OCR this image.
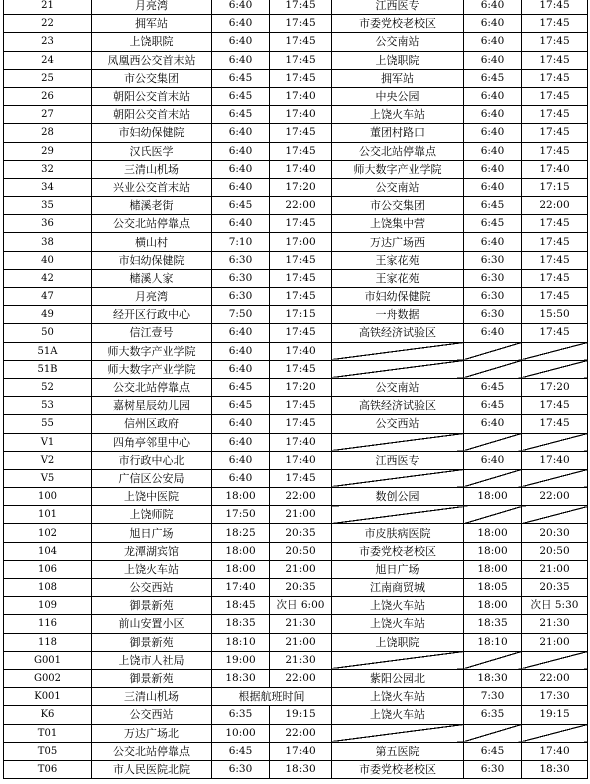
21	月亮湾	6:40	17:45	江西医专	6:40	17:45
22	拥军站	6:40	17:45	市委党校老校区	6:40	17:45
23	上饶职院	6:40	17:45	公交南站	6:40	17:45
24	凤凰西公交首末站	6:40	17:45	上饶职院	6:40	17:45
25	市公交集团	6:45	17:45	拥军站	6:45	17:45
26	朝阳公交首末站	6:45	17:40	中央公园	6:40	17:45
27	朝阳公交首末站	6:45	17:40	上饶火车站	6:40	17:45
28	市妇幼保健院	6:40	17:45	董团村路口	6:40	17:45
29	汉氏医学	6:40	17:45	公交北站停靠点	6:40	17:45
32	三清山机场	6:40	17:40	师大数字产业学院	6:40	17:40
34	兴业公交首末站	6:40	17:20	公交南站	6:40	17:15
35	槠溪老街	6:45	22:00	市公交集团	6:45	22:00
36	公交北站停靠点	6:40	17:45	上饶集中营	6:45	17:45
38	横山村	7:10	17:00	万达广场西	6:40	17:45
40	市妇幼保健院	6:30	17:45	王家花苑	6:30	17:45
42	槠溪人家	6:30	17:45	王家花苑	6:30	17:45
47	月亮湾	6:30	17:45	市妇幼保健院	6:30	17:45
49	经开区行政中心	7:50	17:15	一舟数据	6:30	15:50
50	信江壹号	6:40	17:45	高铁经济试验区	6:40	17:45
51A	师大数字产业学院	6:40	17:40			
51B	师大数字产业学院	6:40	17:45			
52	公交北站停靠点	6:45	17:20	公交南站	6:45	17:20
53	嘉树星辰幼儿园	6:45	17:45	高铁经济试验区	6:45	17:45
55	信州区政府	6:40	17:45	公交西站	6:40	17:45
V1	四角亭邻里中心	6:40	17:40			
V2	市行政中心北	6:40	17:40	江西医专	6:40	17:40
V5	广信区公安局	6:40	17:45			
100	上饶中医院	18:00	22:00	数创公园	18:00	22:00
101	上饶师院	17:50	21:00			
102	旭日广场	18:25	20:35	市皮肤病医院	18:00	20:30
104	龙潭湖宾馆	18:00	20:50	市委党校老校区	18:00	20:50
106	上饶火车站	18:00	21:00	旭日广场	18:00	21:00
108	公交西站	17:40	20:35	江南商贸城	18:05	20:35
109	御景新苑	18:45	次日 6:00	上饶火车站	18:00	次日 5:30
116	前山安置小区	18:35	21:30	上饶火车站	18:35	21:30
118	御景新苑	18:10	21:00	上饶职院	18:10	21:00
G001	上饶市人社局	19:00	21:30			
G002	御景新苑	18:30	22:00	紫阳公园北	18:30	22:00
K001	三清山机场	根据航班时间		上饶火车站	7:30	17:30
K6	公交西站	6:35	19:15	上饶火车站	6:35	19:15
T01	万达广场北	10:00	22:00			
T05	公交北站停靠点	6:45	17:40	第五医院	6:45	17:40
T06	市人民医院北院	6:30	18:30	市委党校老校区	6:30	18:30
